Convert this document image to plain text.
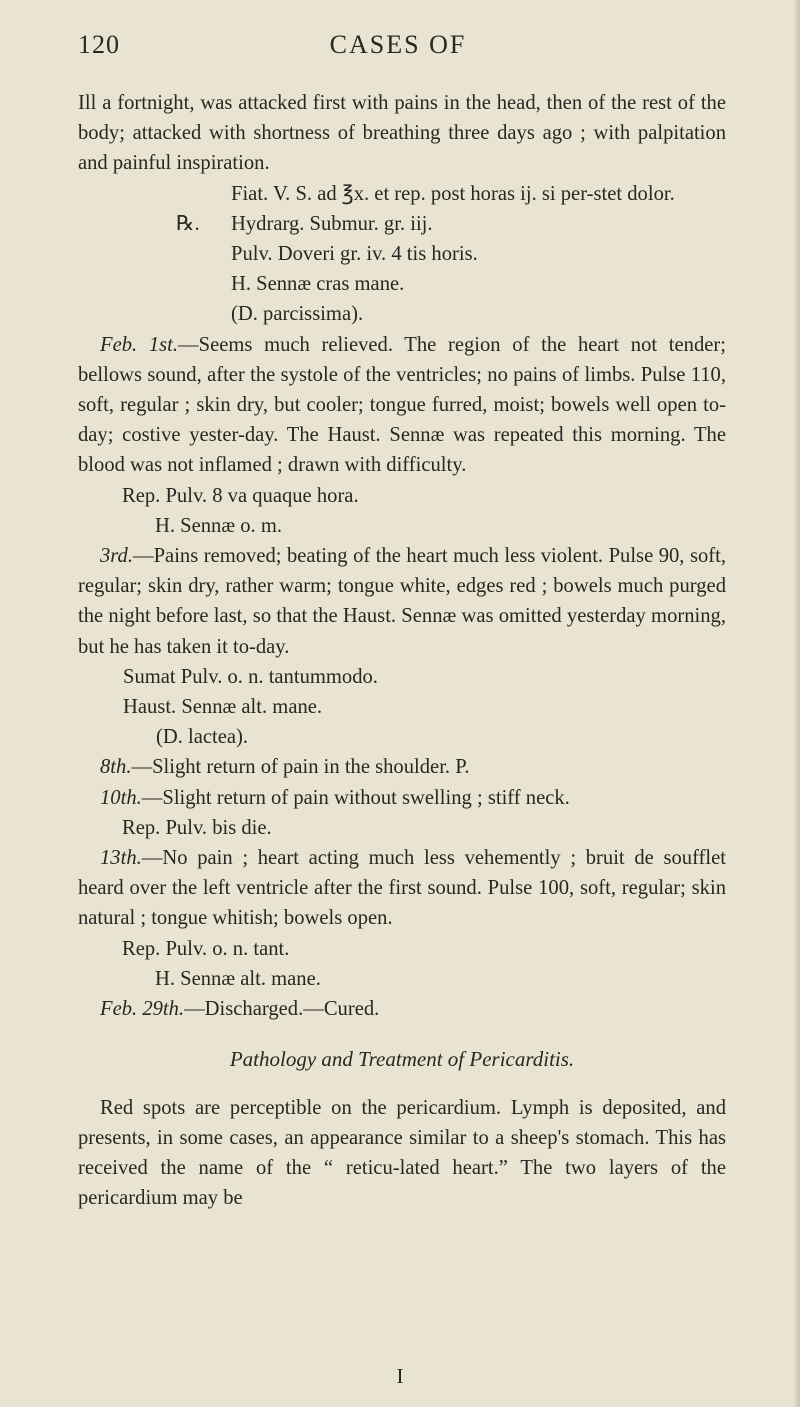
120	CASES OF

Ill a fortnight, was attacked first with pains in the head, then of the rest of the body; attacked with shortness of breathing three days ago ; with palpitation and painful inspiration.

Fiat. V. S. ad ℥x. et rep. post horas ij. si per-stet dolor.

℞. Hydrarg. Submur. gr. iij.

Pulv. Doveri gr. iv. 4 tis horis.

H. Sennæ cras mane.

(D. parcissima).

Feb. 1st.—Seems much relieved. The region of the heart not tender; bellows sound, after the systole of the ventricles; no pains of limbs. Pulse 110, soft, regular ; skin dry, but cooler; tongue furred, moist; bowels well open to-day; costive yester-day. The Haust. Sennæ was repeated this morning. The blood was not inflamed ; drawn with difficulty.

Rep. Pulv. 8 va quaque hora.

H. Sennæ o. m.

3rd.—Pains removed; beating of the heart much less violent. Pulse 90, soft, regular; skin dry, rather warm; tongue white, edges red ; bowels much purged the night before last, so that the Haust. Sennæ was omitted yesterday morning, but he has taken it to-day.

Sumat Pulv. o. n. tantummodo.

Haust. Sennæ alt. mane.

(D. lactea).

8th.—Slight return of pain in the shoulder. P.

10th.—Slight return of pain without swelling ; stiff neck.

Rep. Pulv. bis die.

13th.—No pain ; heart acting much less vehemently ; bruit de soufflet heard over the left ventricle after the first sound. Pulse 100, soft, regular; skin natural ; tongue whitish; bowels open.

Rep. Pulv. o. n. tant.

H. Sennæ alt. mane.

Feb. 29th.—Discharged.—Cured.

Pathology and Treatment of Pericarditis.

Red spots are perceptible on the pericardium. Lymph is deposited, and presents, in some cases, an appearance similar to a sheep's stomach. This has received the name of the “ reticu-lated heart.” The two layers of the pericardium may be

I
